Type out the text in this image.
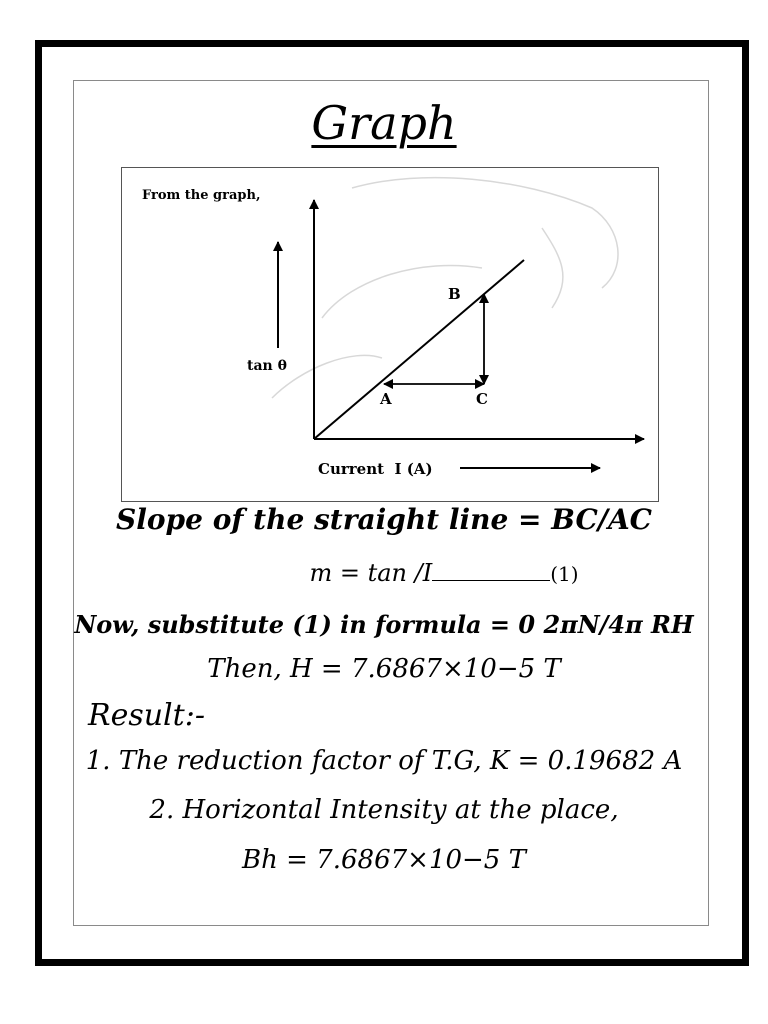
Graph
From the graph,
tan θ
B
A	C
Current  I (A)
Slope of the straight line = BC/AC
m = tan /𝐼	(1)
Now, substitute (1) in formula = 0 2πN/4π RH
Then, H = 7.6867×10−5 T
Result:-
1. The reduction factor of T.G, K = 0.19682 A
2. Horizontal Intensity at the place,
Bh = 7.6867×10−5 T
